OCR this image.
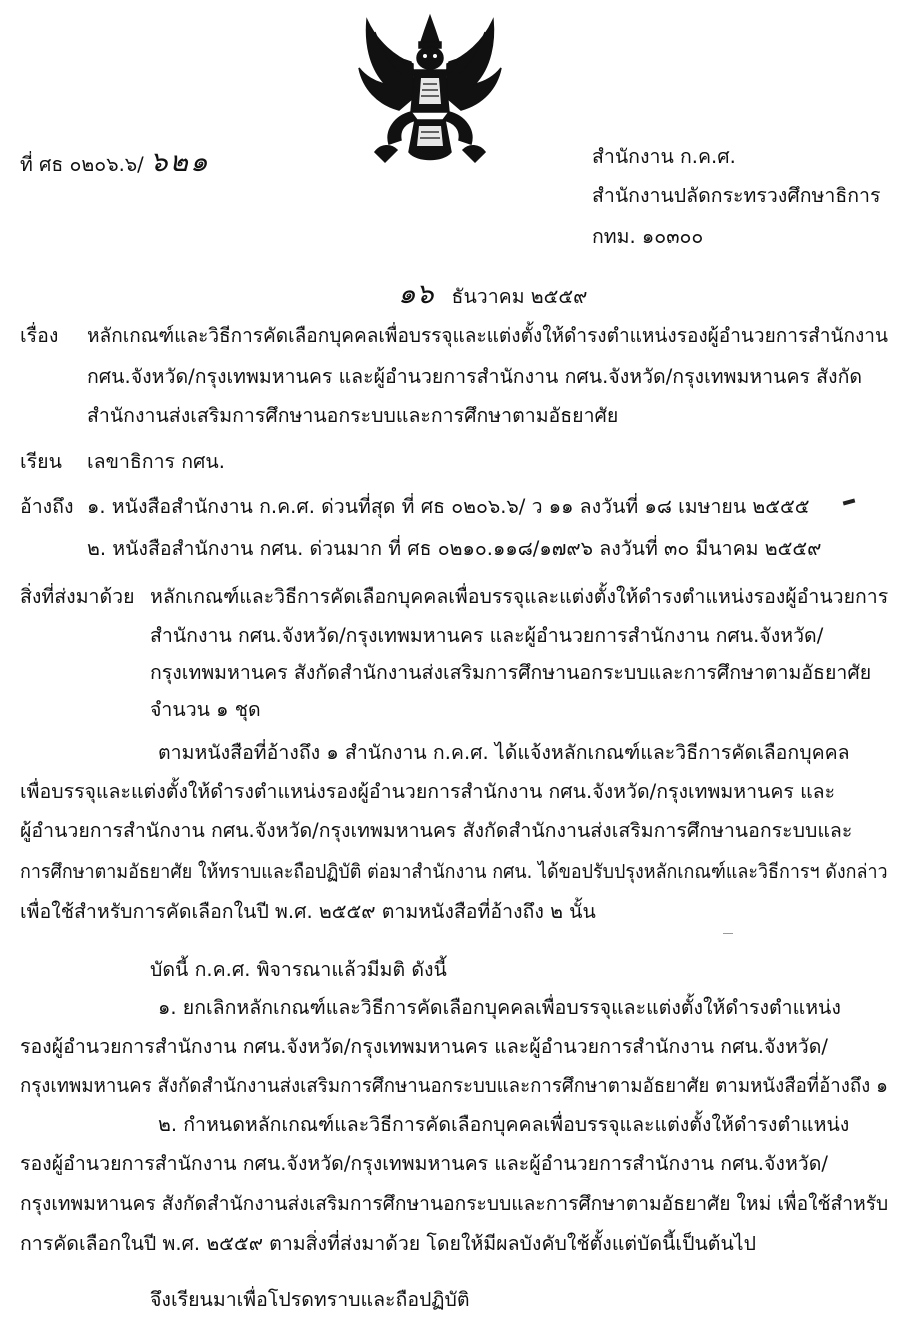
ที่ ศธ ๐๒๐๖.๖/ ๖๒๑	สำนักงาน ก.ค.ศ.
สำนักงานปลัดกระทรวงศึกษาธิการ
กทม. ๑๐๓๐๐
๑๖ ธันวาคม ๒๕๕๙
เรื่อง หลักเกณฑ์และวิธีการคัดเลือกบุคคลเพื่อบรรจุและแต่งตั้งให้ดำรงตำแหน่งรองผู้อำนวยการสำนักงาน
กศน.จังหวัด/กรุงเทพมหานคร และผู้อำนวยการสำนักงาน กศน.จังหวัด/กรุงเทพมหานคร สังกัด
สำนักงานส่งเสริมการศึกษานอกระบบและการศึกษาตามอัธยาศัย
เรียน เลขาธิการ กศน.
อ้างถึง ๑. หนังสือสำนักงาน ก.ค.ศ. ด่วนที่สุด ที่ ศธ ๐๒๐๖.๖/ ว ๑๑ ลงวันที่ ๑๘ เมษายน ๒๕๕๕
๒. หนังสือสำนักงาน กศน. ด่วนมาก ที่ ศธ ๐๒๑๐.๑๑๘/๑๗๙๖ ลงวันที่ ๓๐ มีนาคม ๒๕๕๙
สิ่งที่ส่งมาด้วย หลักเกณฑ์และวิธีการคัดเลือกบุคคลเพื่อบรรจุและแต่งตั้งให้ดำรงตำแหน่งรองผู้อำนวยการ
สำนักงาน กศน.จังหวัด/กรุงเทพมหานคร และผู้อำนวยการสำนักงาน กศน.จังหวัด/
กรุงเทพมหานคร สังกัดสำนักงานส่งเสริมการศึกษานอกระบบและการศึกษาตามอัธยาศัย
จำนวน ๑ ชุด
ตามหนังสือที่อ้างถึง ๑ สำนักงาน ก.ค.ศ. ได้แจ้งหลักเกณฑ์และวิธีการคัดเลือกบุคคล
เพื่อบรรจุและแต่งตั้งให้ดำรงตำแหน่งรองผู้อำนวยการสำนักงาน กศน.จังหวัด/กรุงเทพมหานคร และ
ผู้อำนวยการสำนักงาน กศน.จังหวัด/กรุงเทพมหานคร สังกัดสำนักงานส่งเสริมการศึกษานอกระบบและ
การศึกษาตามอัธยาศัย ให้ทราบและถือปฏิบัติ ต่อมาสำนักงาน กศน. ได้ขอปรับปรุงหลักเกณฑ์และวิธีการฯ ดังกล่าว
เพื่อใช้สำหรับการคัดเลือกในปี พ.ศ. ๒๕๕๙ ตามหนังสือที่อ้างถึง ๒ นั้น
บัดนี้ ก.ค.ศ. พิจารณาแล้วมีมติ ดังนี้
๑. ยกเลิกหลักเกณฑ์และวิธีการคัดเลือกบุคคลเพื่อบรรจุและแต่งตั้งให้ดำรงตำแหน่ง
รองผู้อำนวยการสำนักงาน กศน.จังหวัด/กรุงเทพมหานคร และผู้อำนวยการสำนักงาน กศน.จังหวัด/
กรุงเทพมหานคร สังกัดสำนักงานส่งเสริมการศึกษานอกระบบและการศึกษาตามอัธยาศัย ตามหนังสือที่อ้างถึง ๑
๒. กำหนดหลักเกณฑ์และวิธีการคัดเลือกบุคคลเพื่อบรรจุและแต่งตั้งให้ดำรงตำแหน่ง
รองผู้อำนวยการสำนักงาน กศน.จังหวัด/กรุงเทพมหานคร และผู้อำนวยการสำนักงาน กศน.จังหวัด/
กรุงเทพมหานคร สังกัดสำนักงานส่งเสริมการศึกษานอกระบบและการศึกษาตามอัธยาศัย ใหม่ เพื่อใช้สำหรับ
การคัดเลือกในปี พ.ศ. ๒๕๕๙ ตามสิ่งที่ส่งมาด้วย โดยให้มีผลบังคับใช้ตั้งแต่บัดนี้เป็นต้นไป
จึงเรียนมาเพื่อโปรดทราบและถือปฏิบัติ
